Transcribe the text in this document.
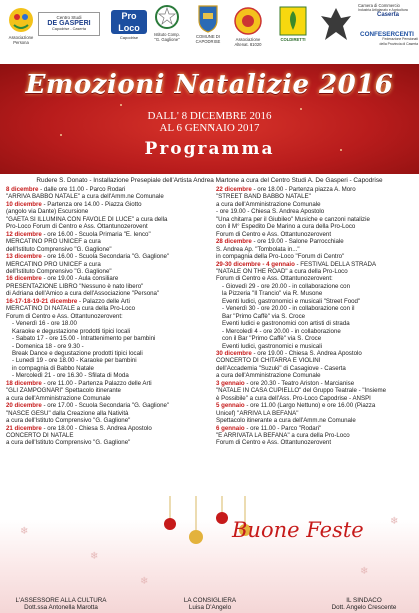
Associazione Persona
Centro Studi
DE GASPERI
Capodrise - Caserta
Pro Loco
Capodrise
Istituto Comp.
"G. Gaglione"
COMUNE DI
CAPODRISE	Associazione
Altenat. 81020
COLDIRETTI
Camera di Commercio
Industria Artigianato e Agricoltura
Caserta
CONFESERCENTI
Federazione Pensionati
della Provincia di Caserta
Emozioni Natalizie 2016
DALL' 8 DICEMBRE 2016
AL 6 GENNAIO 2017
Programma
Rudere S. Donato - Installazione Presepiale dell'Artista Andrea Martone a cura del Centro Studi A. De Gasperi - Capodrise
8 dicembre - dalle ore 11.00 - Parco Rodari
"ARRIVA BABBO NATALE" a cura dell'Amm.ne Comunale
10 dicembre - Partenza ore 14.00 - Piazza Giotto
(angolo via Dante) Escursione
"GAETA SI ILLUMINA CON FAVOLE DI LUCE" a cura della
Pro-Loco Forum di Centro e Ass. Ottantunozerovent
12 dicembre - ore 16.00 - Scuola Primaria "E. Ienco"
MERCATINO PRO UNICEF a cura
dell'Istituto Comprensivo "G. Gaglione"
13 dicembre - ore 16.00 - Scuola Secondaria "G. Gaglione"
MERCATINO PRO UNICEF a cura
dell'Istituto Comprensivo "G. Gaglione"
16 dicembre - ore 19.00 - Aula consiliare
PRESENTAZIONE LIBRO "Nessuno è nato libero"
di Adriana dell'Amico a cura dell'Associazione "Persona"
16-17-18-19-21 dicembre - Palazzo delle Arti
MERCATINO DI NATALE a cura della Pro-Loco
Forum di Centro e Ass. Ottantunozerovent:
- Venerdì 16 - ore 18.00
Karaoke e degustazione prodotti tipici locali
- Sabato 17 - ore 15.00 - Intrattenimento per bambini
- Domenica 18 - ore 9.30 -
Break Dance e degustazione prodotti tipici locali
- Lunedì 19 - ore 18.00 - Karaoke per bambini
in compagnia di Babbo Natale
- Mercoledì 21 - ore 16.30 - Sfilata di Moda
18 dicembre - ore 11.00 - Partenza Palazzo delle Arti
"GLI ZAMPOGNARI" Spettacolo itinerante
a cura dell'Amministrazione Comunale
20 dicembre - ore 17.00 - Scuola Secondaria "G. Gaglione"
"NASCE GESÙ" dalla Creazione alla Natività
a cura dell'Istituto Comprensivo "G. Gaglione"
21 dicembre - ore 18.00 - Chiesa S. Andrea Apostolo
CONCERTO DI NATALE
a cura dell'Istituto Comprensivo "G. Gaglione"
22 dicembre - ore 18.00 - Partenza piazza A. Moro
"STREET BAND BABBO NATALE"
a cura dell'Amministrazione Comunale
- ore 19.00 - Chiesa S. Andrea Apostolo
"Una chitarra per il Giubileo" Musiche e canzoni natalizie
con il M° Espedito De Marino a cura della Pro-Loco
Forum di Centro e Ass. Ottantunozerovent
28 dicembre - ore 19.00 - Salone Parrocchiale
S. Andrea Ap. "Tombolata in..."
in compagnia della Pro-Loco "Forum di Centro"
29-30 dicembre - 4 gennaio - FESTIVAL DELLA STRADA
"NATALE ON THE ROAD" a cura della Pro-Loco
Forum di Centro e Ass. Ottantunozerovent:
- Giovedì 29 - ore 20.00 - in collaborazione con
la Pizzeria "Il Trancio" via R. Musone
Eventi ludici, gastronomici e musicali "Street Food"
- Venerdì 30 - ore 20.00 - in collaborazione con il
Bar "Primo Caffè" via S. Croce
Eventi ludici e gastronomici con artisti di strada
- Mercoledì 4 - ore 20.00 - in collaborazione
con il Bar "Primo Caffè" via S. Croce
Eventi ludici, gastronomici e musicali
30 dicembre - ore 19.00 - Chiesa S. Andrea Apostolo
CONCERTO DI CHITARRA E VIOLINI
dell'Accademia "Suzuki" di Casagiove - Caserta
a cura dell'Amministrazione Comunale
3 gennaio - ore 20.30 - Teatro Ariston - Marcianise
"NATALE IN CASA CUPIELLO" del Gruppo Teatrale - "Insieme
è Possibile" a cura dell'Ass. Pro-Loco Capodrise - ANSPI
5 gennaio - ore 11.00 (Largo Nettuno) e ore 16.00 (Piazza
Unicef) "ARRIVA LA BEFANA"
Spettacolo itinerante a cura dell'Amm.ne Comunale
6 gennaio - ore 11.00 - Parco "Rodari"
"E ARRIVATA LA BEFANA" a cura della Pro-Loco
Forum di Centro e Ass. Ottantunozerovent
❄
❄
❄
❄
❄
Buone Feste
L'ASSESSORE ALLA CULTURA
Dott.ssa Antonella Marotta
LA CONSIGLIERA
Luisa D'Angelo
IL SINDACO
Dott. Angelo Crescente
